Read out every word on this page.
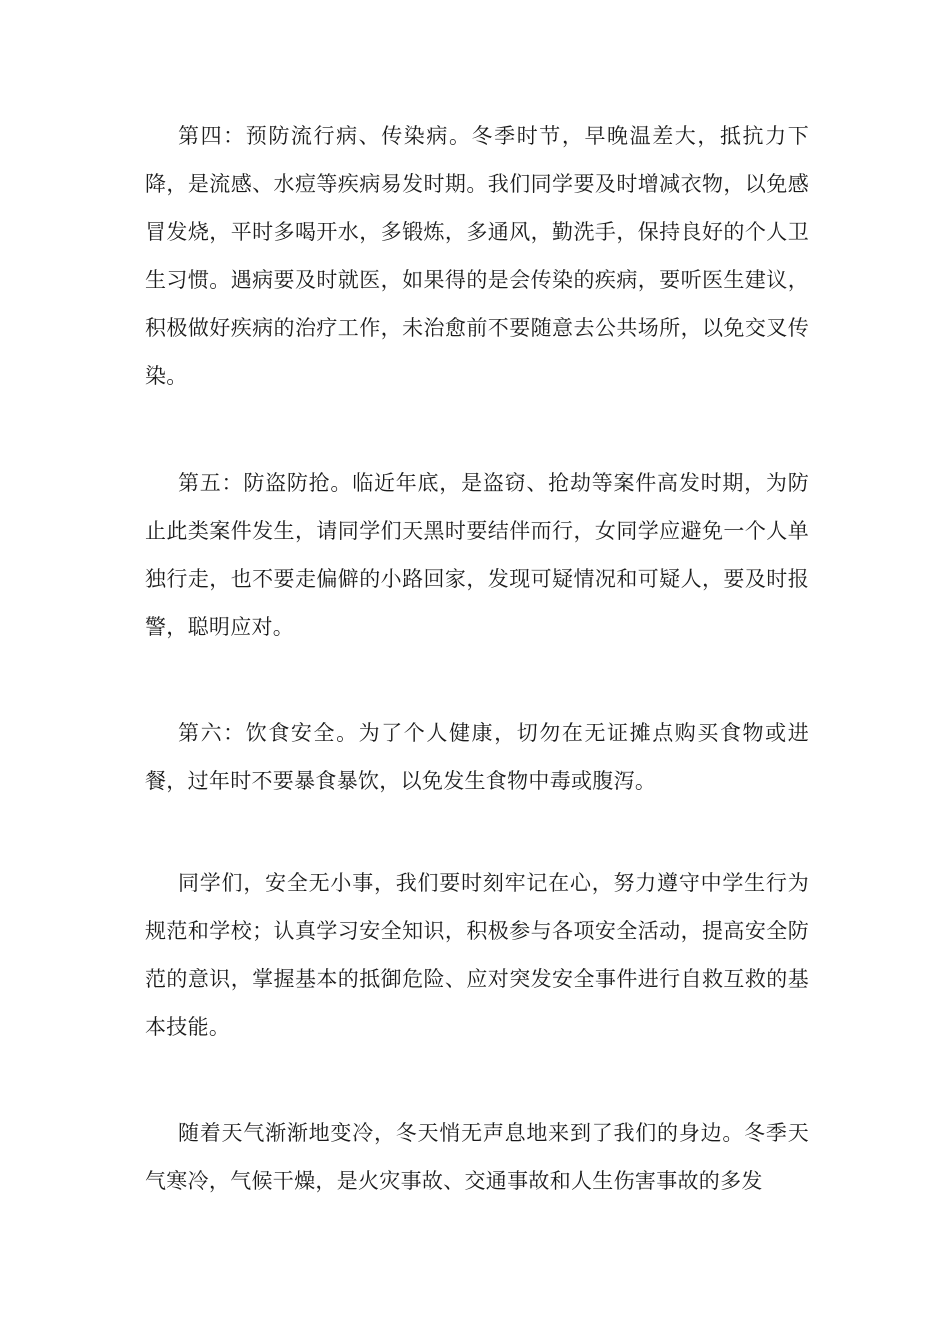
第四：预防流行病、传染病。冬季时节，早晚温差大，抵抗力下降，是流感、水痘等疾病易发时期。我们同学要及时增减衣物，以免感冒发烧，平时多喝开水，多锻炼，多通风，勤洗手，保持良好的个人卫生习惯。遇病要及时就医，如果得的是会传染的疾病，要听医生建议，积极做好疾病的治疗工作，未治愈前不要随意去公共场所，以免交叉传染。

第五：防盗防抢。临近年底，是盗窃、抢劫等案件高发时期，为防止此类案件发生，请同学们天黑时要结伴而行，女同学应避免一个人单独行走，也不要走偏僻的小路回家，发现可疑情况和可疑人，要及时报警，聪明应对。

第六：饮食安全。为了个人健康，切勿在无证摊点购买食物或进餐，过年时不要暴食暴饮，以免发生食物中毒或腹泻。

同学们，安全无小事，我们要时刻牢记在心，努力遵守中学生行为规范和学校；认真学习安全知识，积极参与各项安全活动，提高安全防范的意识，掌握基本的抵御危险、应对突发安全事件进行自救互救的基本技能。

随着天气渐渐地变冷，冬天悄无声息地来到了我们的身边。冬季天气寒冷，气候干燥，是火灾事故、交通事故和人生伤害事故的多发
